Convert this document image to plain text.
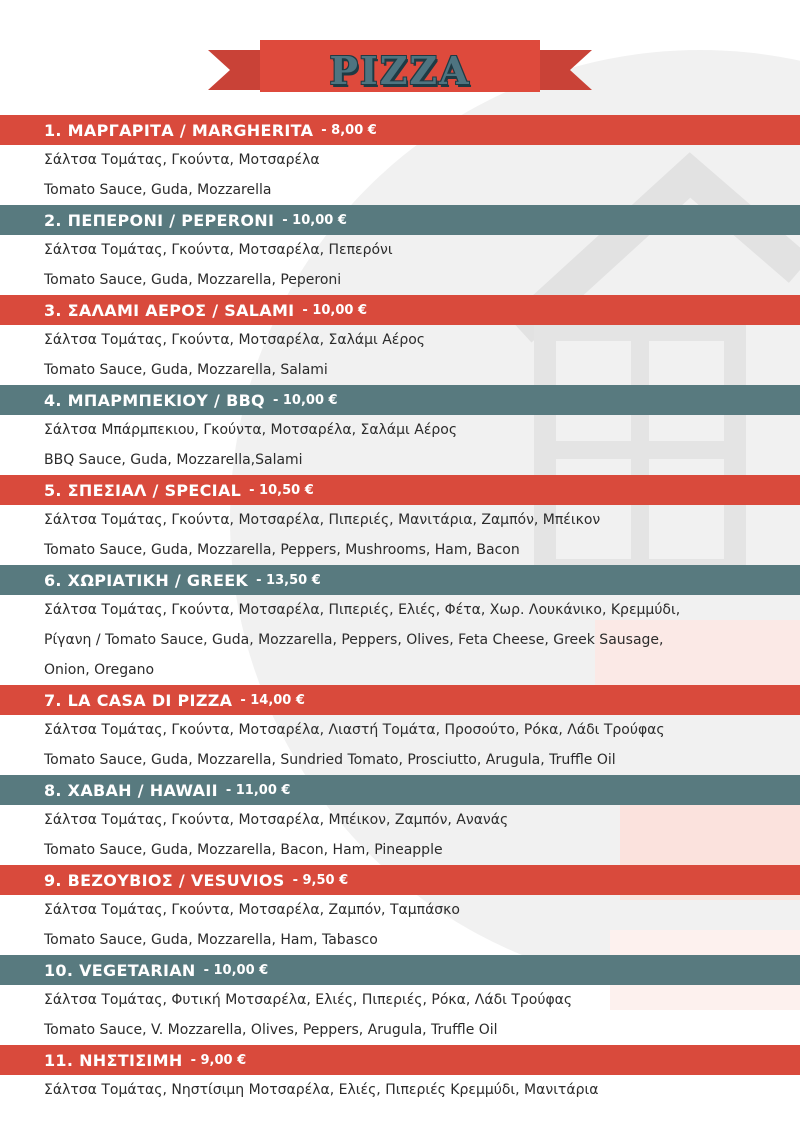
PIZZA
1. ΜΑΡΓΑΡΙΤΑ / MARGHERITA - 8,00 €
Σάλτσα Τομάτας, Γκούντα, Μοτσαρέλα
Tomato Sauce, Guda, Mozzarella
2. ΠΕΠΕΡΟΝΙ / PEPERONI - 10,00 €
Σάλτσα Τομάτας, Γκούντα, Μοτσαρέλα, Πεπερόνι
Tomato Sauce, Guda, Mozzarella, Peperoni
3. ΣΑΛΑΜΙ ΑΕΡΟΣ / SALAMI - 10,00 €
Σάλτσα Τομάτας, Γκούντα, Μοτσαρέλα, Σαλάμι Αέρος
Tomato Sauce, Guda, Mozzarella, Salami
4. ΜΠΑΡΜΠΕΚΙΟΥ / BBQ - 10,00 €
Σάλτσα Μπάρμπεκιου, Γκούντα, Μοτσαρέλα, Σαλάμι Αέρος
BBQ Sauce, Guda, Mozzarella,Salami
5. ΣΠΕΣΙΑΛ / SPECIAL - 10,50 €
Σάλτσα Τομάτας, Γκούντα, Μοτσαρέλα, Πιπεριές, Μανιτάρια, Ζαμπόν, Μπέικον
Tomato Sauce, Guda, Mozzarella, Peppers, Mushrooms, Ham, Bacon
6. ΧΩΡΙΑΤΙΚΗ / GREEK - 13,50 €
Σάλτσα Τομάτας, Γκούντα, Μοτσαρέλα, Πιπεριές, Ελιές, Φέτα, Χωρ. Λουκάνικο, Κρεμμύδι,
Ρίγανη / Tomato Sauce, Guda, Mozzarella, Peppers, Olives, Feta Cheese, Greek Sausage,
Onion, Oregano
7. LA CASA DI PIZZA - 14,00 €
Σάλτσα Τομάτας, Γκούντα, Μοτσαρέλα, Λιαστή Τομάτα, Προσούτο, Ρόκα, Λάδι Τρούφας
Tomato Sauce, Guda, Mozzarella, Sundried Tomato, Prosciutto, Arugula, Truffle Oil
8. ΧΑΒΑΗ / HAWAII - 11,00 €
Σάλτσα Τομάτας, Γκούντα, Μοτσαρέλα, Μπέικον, Ζαμπόν, Ανανάς
Tomato Sauce, Guda, Mozzarella, Bacon, Ham, Pineapple
9. ΒΕΖΟΥΒΙΟΣ / VESUVIOS - 9,50 €
Σάλτσα Τομάτας, Γκούντα, Μοτσαρέλα, Ζαμπόν, Ταμπάσκο
Tomato Sauce, Guda, Mozzarella, Ham, Tabasco
10. VEGETARIAN - 10,00 €
Σάλτσα Τομάτας, Φυτική Μοτσαρέλα, Ελιές, Πιπεριές, Ρόκα, Λάδι Τρούφας
Tomato Sauce, V. Mozzarella, Olives, Peppers, Arugula, Truffle Oil
11. ΝΗΣΤΙΣΙΜΗ - 9,00 €
Σάλτσα Τομάτας, Νηστίσιμη Μοτσαρέλα, Ελιές, Πιπεριές Κρεμμύδι, Μανιτάρια
